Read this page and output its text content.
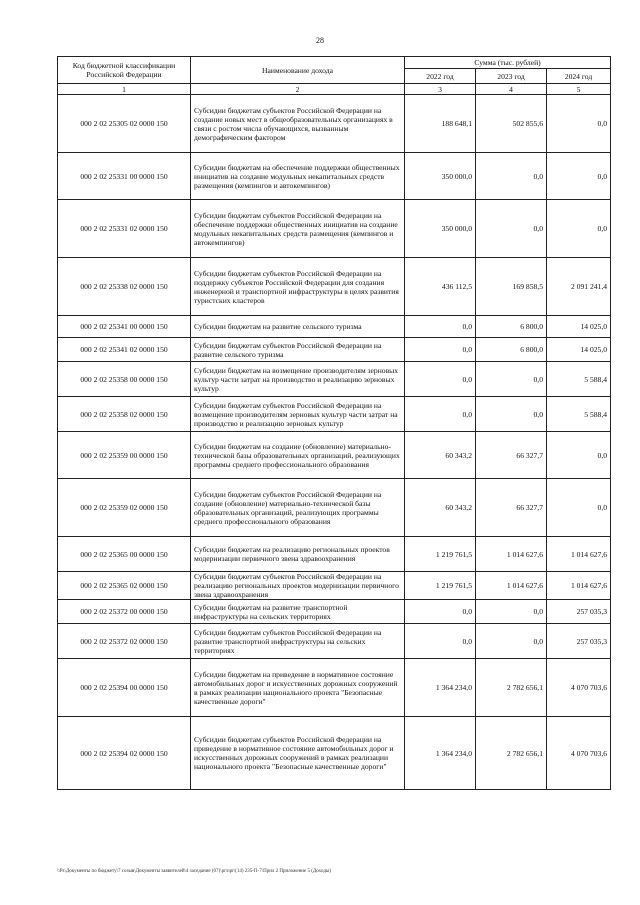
28
Код бюджетной классификации Российской Федерации	Наименование дохода	Сумма (тыс. рублей)		
		2022 год	2023 год	2024 год
1	2	3	4	5
000 2 02 25305 02 0000 150	Субсидии бюджетам субъектов Российской Федерации на создание новых мест в общеобразовательных организациях в связи с ростом числа обучающихся, вызванным демографическим фактором	188 648,1	502 855,6	0,0
000 2 02 25331 00 0000 150	Субсидии бюджетам на обеспечение поддержки общественных инициатив на создание модульных некапитальных средств размещения (кемпингов и автокемпингов)	350 000,0	0,0	0,0
000 2 02 25331 02 0000 150	Субсидии бюджетам субъектов Российской Федерации на обеспечение поддержки общественных инициатив на создание модульных некапитальных средств размещения (кемпингов и автокемпингов)	350 000,0	0,0	0,0
000 2 02 25338 02 0000 150	Субсидии бюджетам субъектов Российской Федерации на поддержку субъектов Российской Федерации для создания инженерной и транспортной инфраструктуры в целях развития туристских кластеров	436 112,5	169 858,5	2 091 241,4
000 2 02 25341 00 0000 150	Субсидии бюджетам на развитие сельского туризма	0,0	6 800,0	14 025,0
000 2 02 25341 02 0000 150	Субсидии бюджетам субъектов Российской Федерации на развитие сельского туризма	0,0	6 800,0	14 025,0
000 2 02 25358 00 0000 150	Субсидии бюджетам на возмещение производителям зерновых культур части затрат на производство и реализацию зерновых культур	0,0	0,0	5 588,4
000 2 02 25358 02 0000 150	Субсидии бюджетам субъектов Российской Федерации на возмещение производителям зерновых культур части затрат на производство и реализацию зерновых культур	0,0	0,0	5 588,4
000 2 02 25359 00 0000 150	Субсидии бюджетам на создание (обновление) материально-технической базы образовательных организаций, реализующих программы среднего профессионального образования	60 343,2	66 327,7	0,0
000 2 02 25359 02 0000 150	Субсидии бюджетам субъектов Российской Федерации на создание (обновление) материально-технической базы образовательных организаций, реализующих программы среднего профессионального образования	60 343,2	66 327,7	0,0
000 2 02 25365 00 0000 150	Субсидии бюджетам на реализацию региональных проектов модернизации первичного звена здравоохранения	1 219 761,5	1 014 627,6	1 014 627,6
000 2 02 25365 02 0000 150	Субсидии бюджетам субъектов Российской Федерации на реализацию региональных проектов модернизации первичного звена здравоохранения	1 219 761,5	1 014 627,6	1 014 627,6
000 2 02 25372 00 0000 150	Субсидии бюджетам на развитие транспортной инфраструктуры на сельских территориях	0,0	0,0	257 035,3
000 2 02 25372 02 0000 150	Субсидии бюджетам субъектов Российской Федерации на развитие транспортной инфраструктуры на сельских территориях	0,0	0,0	257 035,3
000 2 02 25394 00 0000 150	Субсидии бюджетам на приведение в нормативное состояние автомобильных дорог и искусственных дорожных сооружений в рамках реализации национального проекта "Безопасные качественные дороги"	1 364 234,0	2 782 656,1	4 070 703,6
000 2 02 25394 02 0000 150	Субсидии бюджетам субъектов Российской Федерации на приведение в нормативное состояние автомобильных дорог и искусственных дорожных сооружений в рамках реализации национального проекта "Безопасные качественные дороги"	1 364 234,0	2 782 656,1	4 070 703,6
\\Ps\Документы по бюджету\7 созыв\Документы заявителей\4 заседание (07)\pr\npr\(14) 235-П-7\Прил 2 Приложение 5 (Доходы)
